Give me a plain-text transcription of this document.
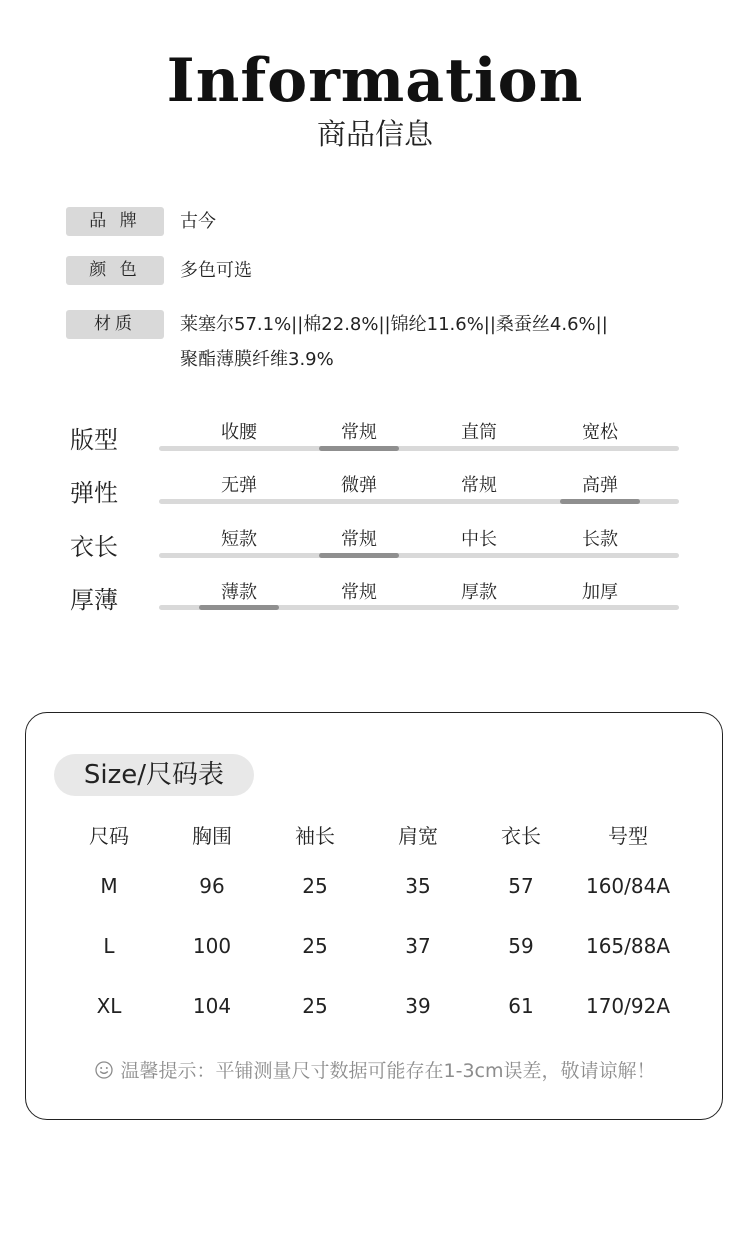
Information
商品信息
品 牌	古今
颜 色	多色可选
材质	莱塞尔57.1%||棉22.8%||锦纶11.6%||桑蚕丝4.6%||
聚酯薄膜纤维3.9%
版型	收腰	常规	直筒	宽松
弹性	无弹	微弹	常规	高弹
衣长	短款	常规	中长	长款
厚薄	薄款	常规	厚款	加厚
Size/尺码表
尺码	胸围	袖长	肩宽	衣长	号型
M	96	25	35	57	160/84A
L	100	25	37	59	165/88A
XL	104	25	39	61	170/92A
温馨提示：平铺测量尺寸数据可能存在1-3cm误差，敬请谅解！
